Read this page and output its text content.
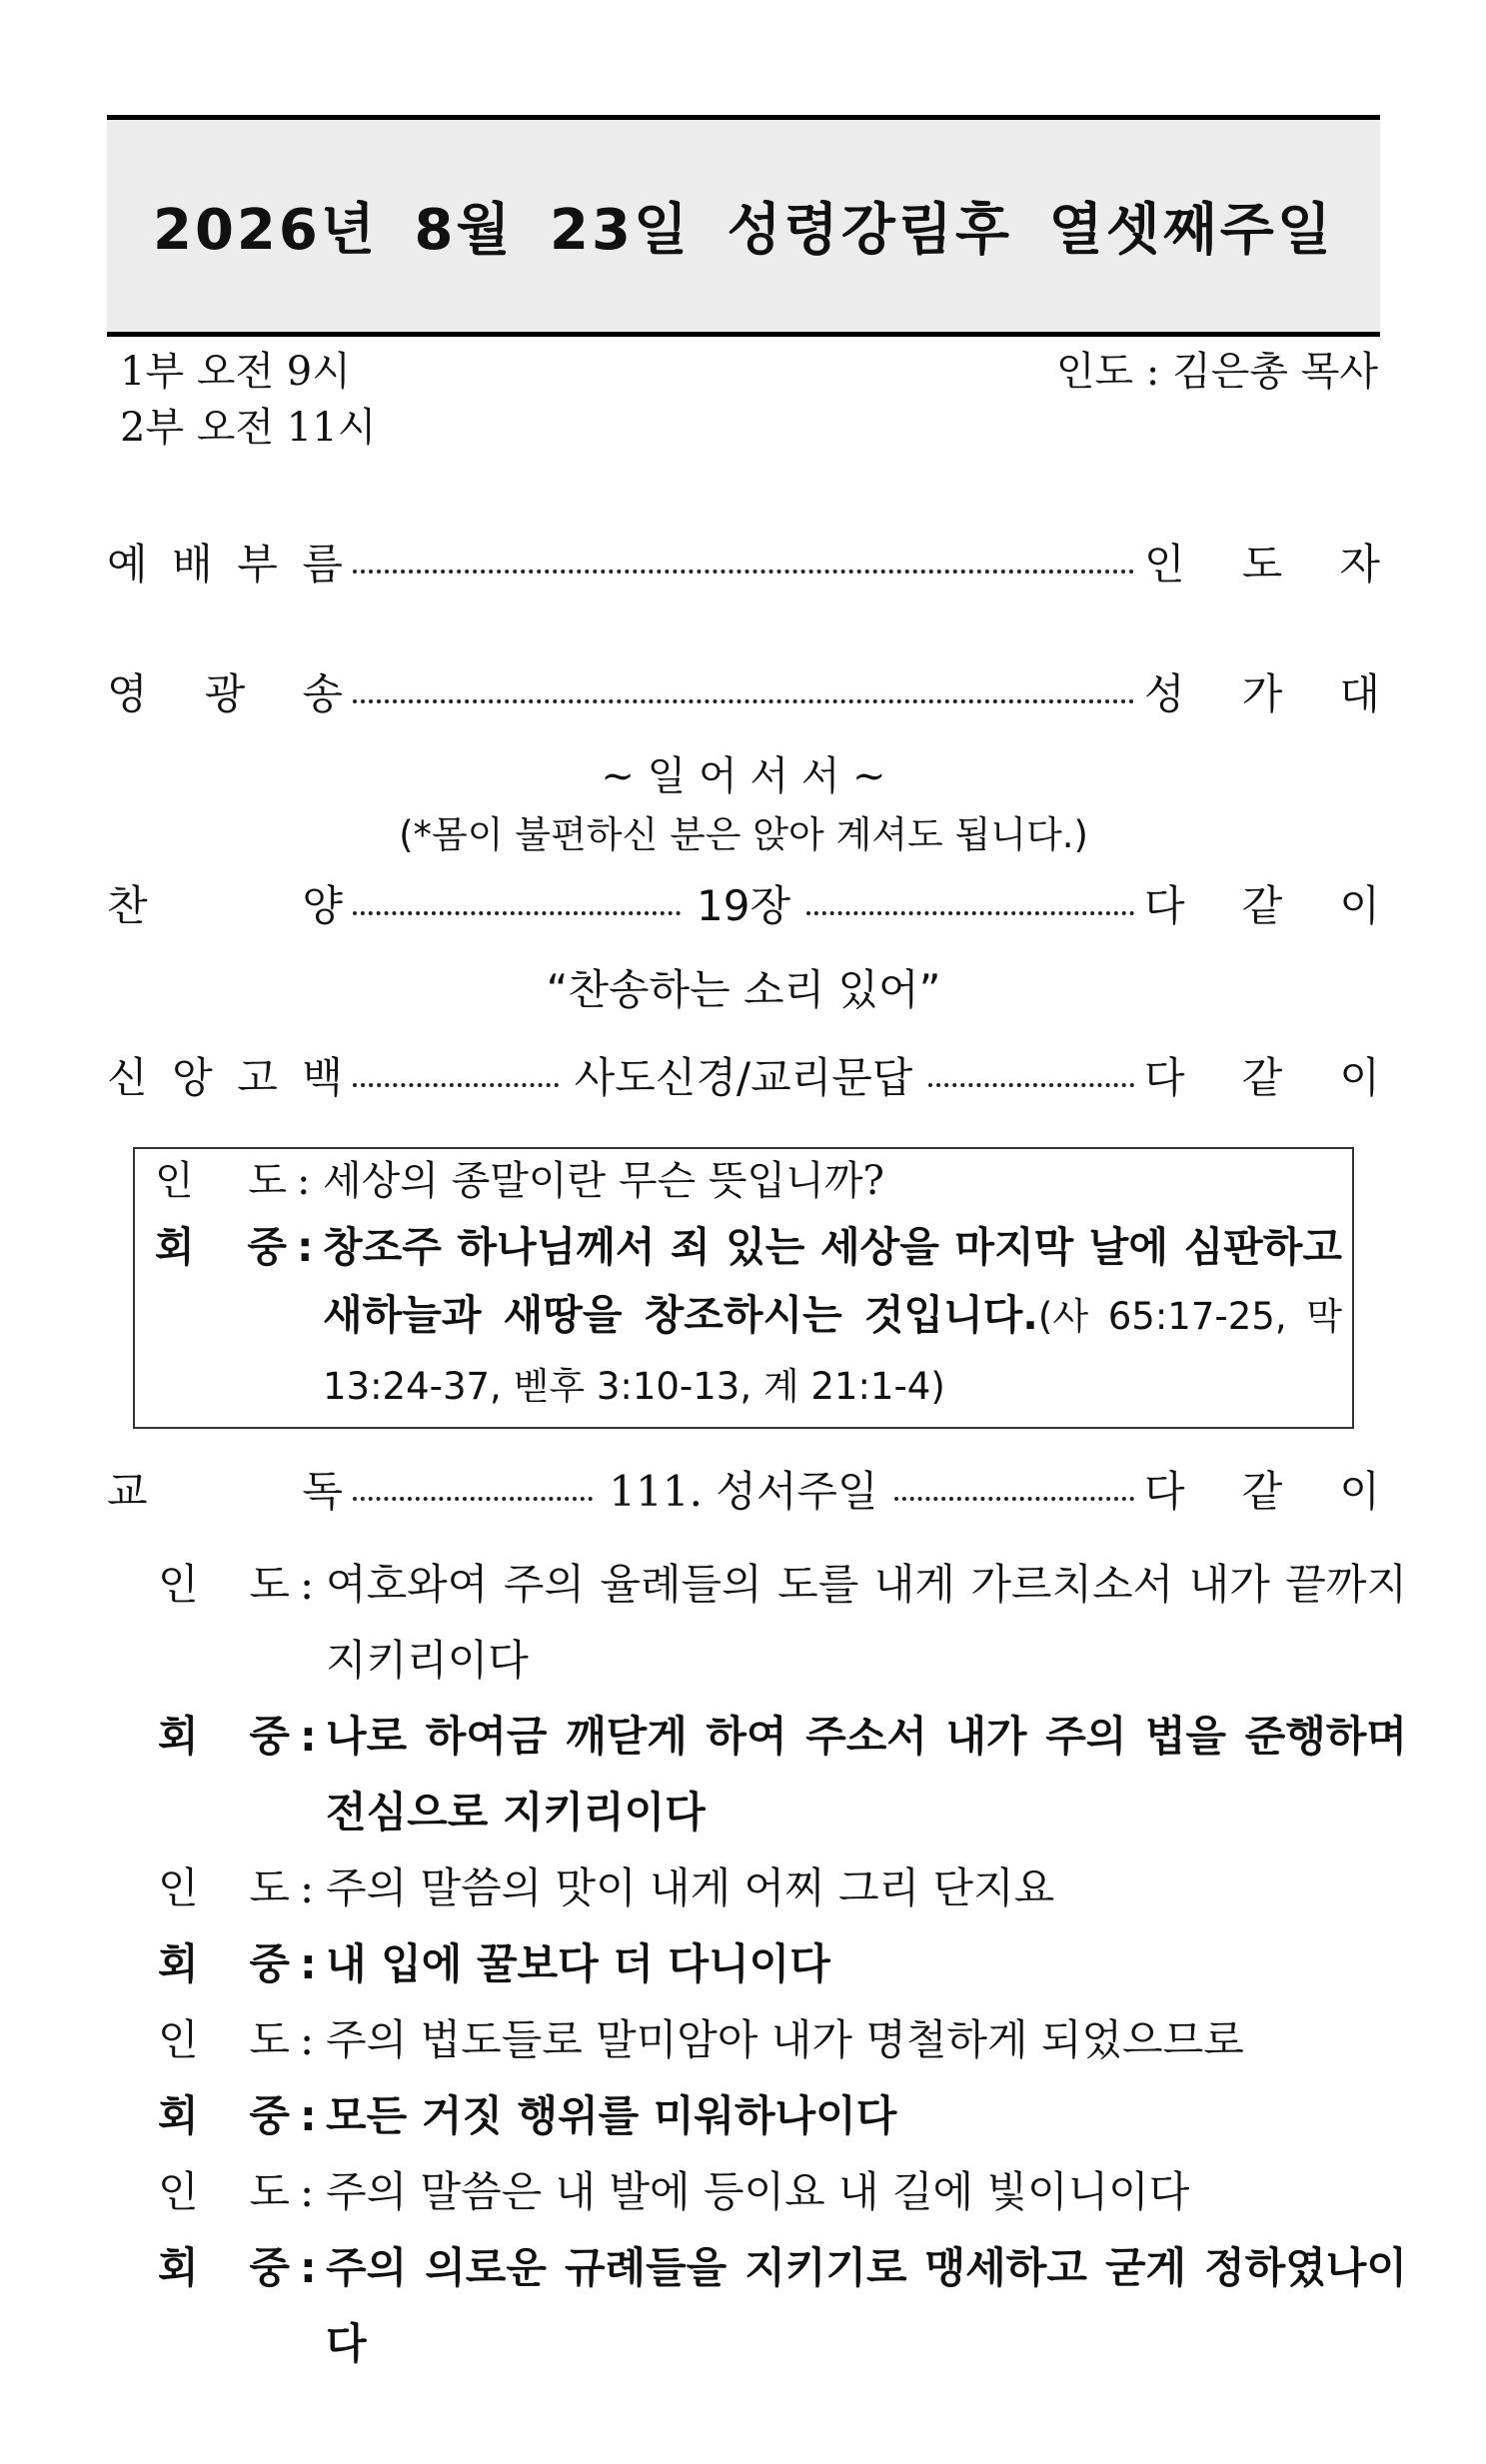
2026년 8월 23일 성령강림후 열셋째주일
1부 오전 9시
2부 오전 11시
인도 : 김은총 목사
예 배 부 름	인 도 자
영 광 송	성 가 대
~ 일 어 서 서 ~
(*몸이 불편하신 분은 앉아 계셔도 됩니다.)
찬	양	19장	다 같 이
“찬송하는 소리 있어”
신 앙 고 백	사도신경/교리문답	다 같 이
인 도 : 세상의 종말이란 무슨 뜻입니까?
회 중 : 창조주 하나님께서 죄 있는 세상을 마지막 날에 심판하고 새하늘과 새땅을 창조하시는 것입니다.(사 65:17-25, 막 13:24-37, 벧후 3:10-13, 계 21:1-4)
교	독	111. 성서주일	다 같 이
인 도 : 여호와여 주의 율례들의 도를 내게 가르치소서 내가 끝까지 지키리이다
회 중 : 나로 하여금 깨닫게 하여 주소서 내가 주의 법을 준행하며 전심으로 지키리이다
인 도 : 주의 말씀의 맛이 내게 어찌 그리 단지요
회 중 : 내 입에 꿀보다 더 다니이다
인 도 : 주의 법도들로 말미암아 내가 명철하게 되었으므로
회 중 : 모든 거짓 행위를 미워하나이다
인 도 : 주의 말씀은 내 발에 등이요 내 길에 빛이니이다
회 중 : 주의 의로운 규례들을 지키기로 맹세하고 굳게 정하였나이다
